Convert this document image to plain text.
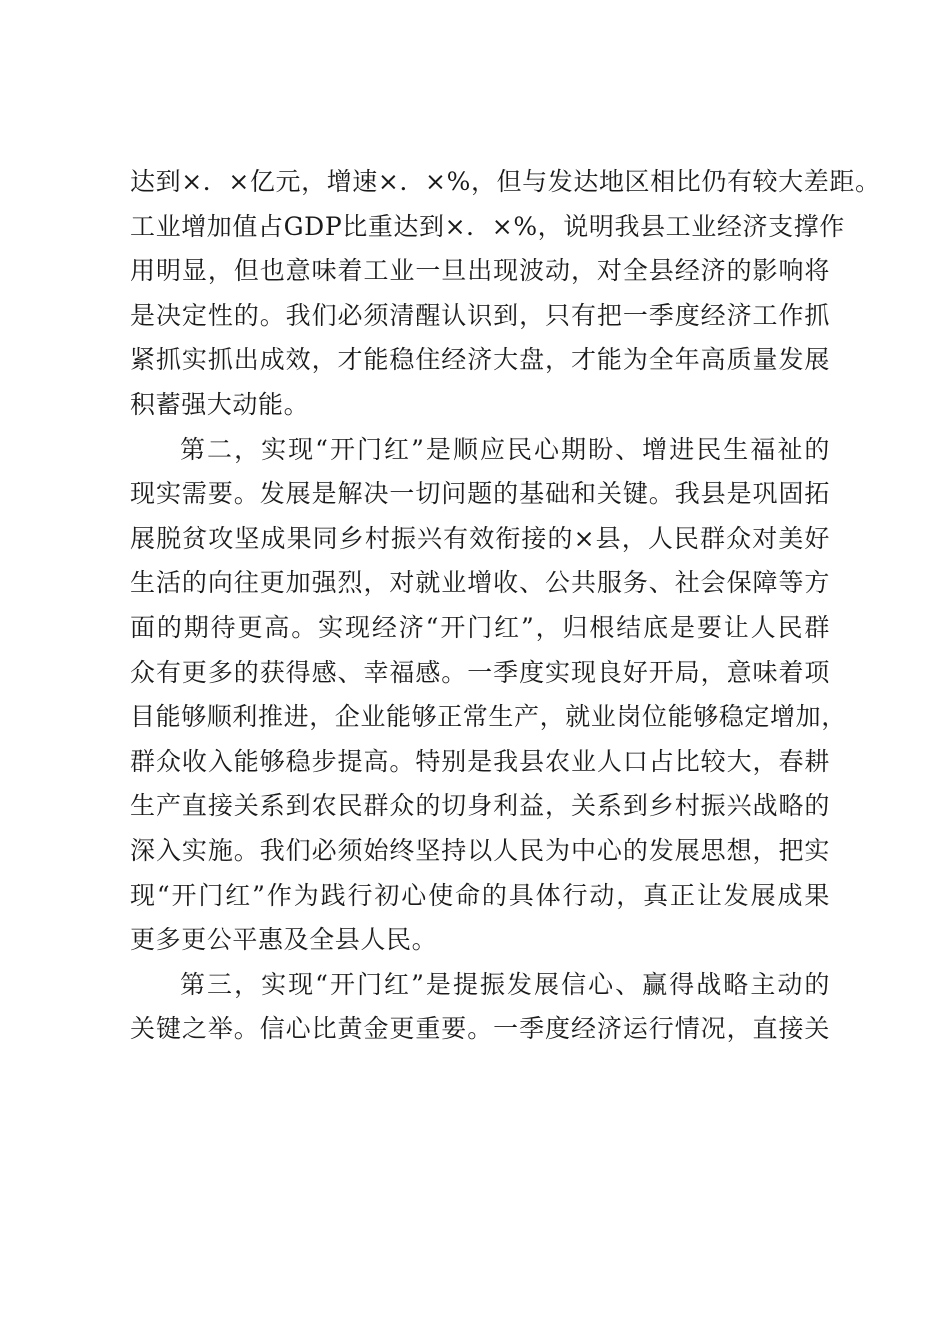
达到×．×亿元，增速×．×%，但与发达地区相比仍有较大差距。
工业增加值占GDP比重达到×．×%，说明我县工业经济支撑作
用明显，但也意味着工业一旦出现波动，对全县经济的影响将
是决定性的。我们必须清醒认识到，只有把一季度经济工作抓
紧抓实抓出成效，才能稳住经济大盘，才能为全年高质量发展
积蓄强大动能。
第二，实现“开门红”是顺应民心期盼、增进民生福祉的
现实需要。发展是解决一切问题的基础和关键。我县是巩固拓
展脱贫攻坚成果同乡村振兴有效衔接的×县，人民群众对美好
生活的向往更加强烈，对就业增收、公共服务、社会保障等方
面的期待更高。实现经济“开门红”，归根结底是要让人民群
众有更多的获得感、幸福感。一季度实现良好开局，意味着项
目能够顺利推进，企业能够正常生产，就业岗位能够稳定增加，
群众收入能够稳步提高。特别是我县农业人口占比较大，春耕
生产直接关系到农民群众的切身利益，关系到乡村振兴战略的
深入实施。我们必须始终坚持以人民为中心的发展思想，把实
现“开门红”作为践行初心使命的具体行动，真正让发展成果
更多更公平惠及全县人民。
第三，实现“开门红”是提振发展信心、赢得战略主动的
关键之举。信心比黄金更重要。一季度经济运行情况，直接关
